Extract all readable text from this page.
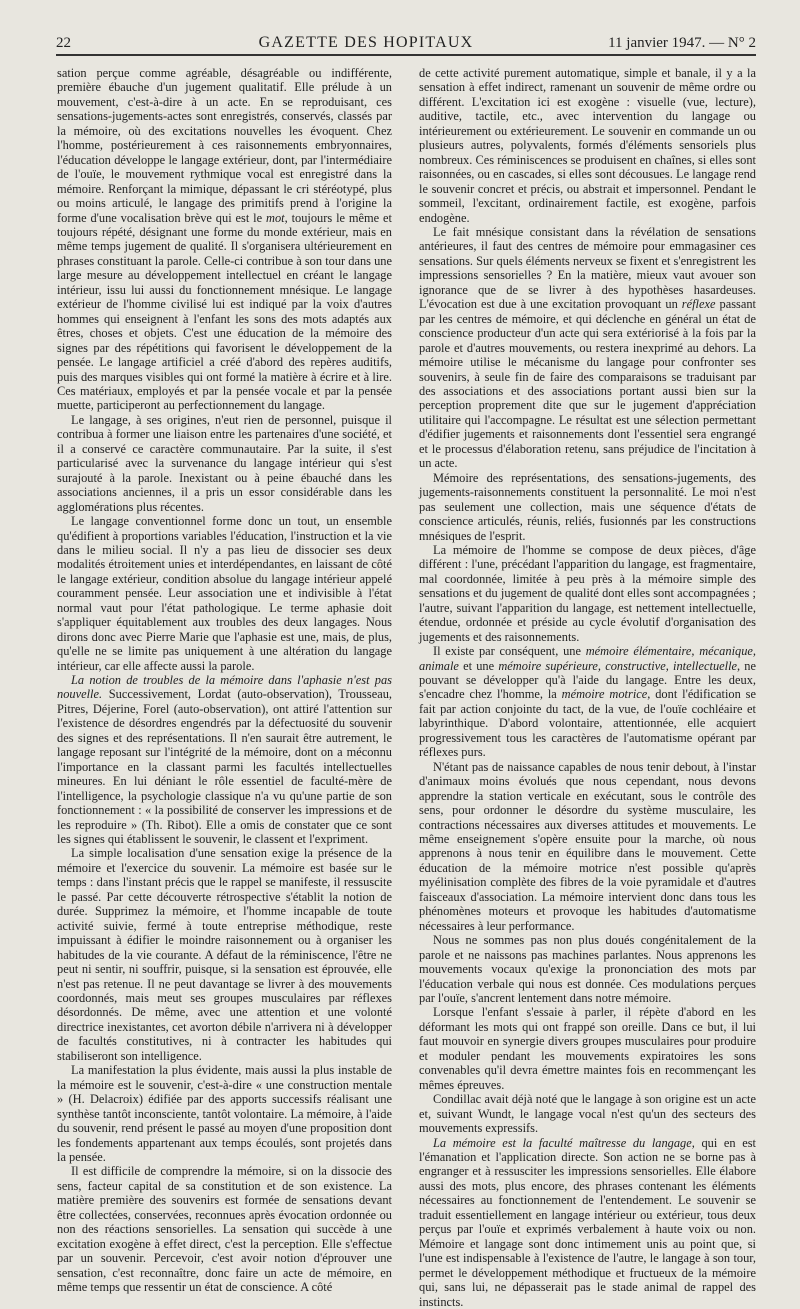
22	GAZETTE DES HOPITAUX	11 janvier 1947. — N° 2

sation perçue comme agréable, désagréable ou indifférente, première ébauche d'un jugement qualitatif. Elle prélude à un mouvement, c'est-à-dire à un acte. En se reproduisant, ces sensations-jugements-actes sont enregistrés, conservés, classés par la mémoire, où des excitations nouvelles les évoquent. Chez l'homme, postérieurement à ces raisonnements embryonnaires, l'éducation développe le langage extérieur, dont, par l'intermédiaire de l'ouïe, le mouvement rythmique vocal est enregistré dans la mémoire. Renforçant la mimique, dépassant le cri stéréotypé, plus ou moins articulé, le langage des primitifs prend à l'origine la forme d'une vocalisation brève qui est le mot, toujours le même et toujours répété, désignant une forme du monde extérieur, mais en même temps jugement de qualité. Il s'organisera ultérieurement en phrases constituant la parole. Celle-ci contribue à son tour dans une large mesure au développement intellectuel en créant le langage intérieur, issu lui aussi du fonctionnement mnésique. Le langage extérieur de l'homme civilisé lui est indiqué par la voix d'autres hommes qui enseignent à l'enfant les sons des mots adaptés aux êtres, choses et objets. C'est une éducation de la mémoire des signes par des répétitions qui favorisent le développement de la pensée. Le langage artificiel a créé d'abord des repères auditifs, puis des marques visibles qui ont formé la matière à écrire et à lire. Ces matériaux, employés et par la pensée vocale et par la pensée muette, participeront au perfectionnement du langage.

Le langage, à ses origines, n'eut rien de personnel, puisque il contribua à former une liaison entre les partenaires d'une société, et il a conservé ce caractère communautaire. Par la suite, il s'est particularisé avec la survenance du langage intérieur qui s'est surajouté à la parole. Inexistant ou à peine ébauché dans les associations anciennes, il a pris un essor considérable dans les agglomérations plus récentes.

Le langage conventionnel forme donc un tout, un ensemble qu'édifient à proportions variables l'éducation, l'instruction et la vie dans le milieu social. Il n'y a pas lieu de dissocier ses deux modalités étroitement unies et interdépendantes, en laissant de côté le langage extérieur, condition absolue du langage intérieur appelé couramment pensée. Leur association une et indivisible à l'état normal vaut pour l'état pathologique. Le terme aphasie doit s'appliquer équitablement aux troubles des deux langages. Nous dirons donc avec Pierre Marie que l'aphasie est une, mais, de plus, qu'elle ne se limite pas uniquement à une altération du langage intérieur, car elle affecte aussi la parole.

La notion de troubles de la mémoire dans l'aphasie n'est pas nouvelle. Successivement, Lordat (auto-observation), Trousseau, Pitres, Déjerine, Forel (auto-observation), ont attiré l'attention sur l'existence de désordres engendrés par la défectuosité du souvenir des signes et des représentations. Il n'en saurait être autrement, le langage reposant sur l'intégrité de la mémoire, dont on a méconnu l'importance en la classant parmi les facultés intellectuelles mineures. En lui déniant le rôle essentiel de faculté-mère de l'intelligence, la psychologie classique n'a vu qu'une partie de son fonctionnement : « la possibilité de conserver les impressions et de les reproduire » (Th. Ribot). Elle a omis de constater que ce sont les signes qui établissent le souvenir, le classent et l'expriment.

La simple localisation d'une sensation exige la présence de la mémoire et l'exercice du souvenir. La mémoire est basée sur le temps : dans l'instant précis que le rappel se manifeste, il ressuscite le passé. Par cette découverte rétrospective s'établit la notion de durée. Supprimez la mémoire, et l'homme incapable de toute activité suivie, fermé à toute entreprise méthodique, reste impuissant à édifier le moindre raisonnement ou à organiser les habitudes de la vie courante. A défaut de la réminiscence, l'être ne peut ni sentir, ni souffrir, puisque, si la sensation est éprouvée, elle n'est pas retenue. Il ne peut davantage se livrer à des mouvements coordonnés, mais meut ses groupes musculaires par réflexes désordonnés. De même, avec une attention et une volonté directrice inexistantes, cet avorton débile n'arrivera ni à développer de facultés constitutives, ni à contracter les habitudes qui stabiliseront son intelligence.

La manifestation la plus évidente, mais aussi la plus instable de la mémoire est le souvenir, c'est-à-dire « une construction mentale » (H. Delacroix) édifiée par des apports successifs réalisant une synthèse tantôt inconsciente, tantôt volontaire. La mémoire, à l'aide du souvenir, rend présent le passé au moyen d'une proposition dont les fondements appartenant aux temps écoulés, sont projetés dans la pensée.

Il est difficile de comprendre la mémoire, si on la dissocie des sens, facteur capital de sa constitution et de son existence. La matière première des souvenirs est formée de sensations devant être collectées, conservées, reconnues après évocation ordonnée ou non des réactions sensorielles. La sensation qui succède à une excitation exogène à effet direct, c'est la perception. Elle s'effectue par un souvenir. Percevoir, c'est avoir notion d'éprouver une sensation, c'est reconnaître, donc faire un acte de mémoire, en même temps que ressentir un état de conscience. A côté

de cette activité purement automatique, simple et banale, il y a la sensation à effet indirect, ramenant un souvenir de même ordre ou différent. L'excitation ici est exogène : visuelle (vue, lecture), auditive, tactile, etc., avec intervention du langage ou intérieurement ou extérieurement. Le souvenir en commande un ou plusieurs autres, polyvalents, formés d'éléments sensoriels plus nombreux. Ces réminiscences se produisent en chaînes, si elles sont raisonnées, ou en cascades, si elles sont décousues. Le langage rend le souvenir concret et précis, ou abstrait et impersonnel. Pendant le sommeil, l'excitant, ordinairement factile, est exogène, parfois endogène.

Le fait mnésique consistant dans la révélation de sensations antérieures, il faut des centres de mémoire pour emmagasiner ces sensations. Sur quels éléments nerveux se fixent et s'enregistrent les impressions sensorielles ? En la matière, mieux vaut avouer son ignorance que de se livrer à des hypothèses hasardeuses. L'évocation est due à une excitation provoquant un réflexe passant par les centres de mémoire, et qui déclenche en général un état de conscience producteur d'un acte qui sera extériorisé à la fois par la parole et d'autres mouvements, ou restera inexprimé au dehors. La mémoire utilise le mécanisme du langage pour confronter ses souvenirs, à seule fin de faire des comparaisons se traduisant par des associations et des associations portant aussi bien sur la perception proprement dite que sur le jugement d'appréciation utilitaire qui l'accompagne. Le résultat est une sélection permettant d'édifier jugements et raisonnements dont l'essentiel sera engrangé et le processus d'élaboration retenu, sans préjudice de l'incitation à un acte.

Mémoire des représentations, des sensations-jugements, des jugements-raisonnements constituent la personnalité. Le moi n'est pas seulement une collection, mais une séquence d'états de conscience articulés, réunis, reliés, fusionnés par les constructions mnésiques de l'esprit.

La mémoire de l'homme se compose de deux pièces, d'âge différent : l'une, précédant l'apparition du langage, est fragmentaire, mal coordonnée, limitée à peu près à la mémoire simple des sensations et du jugement de qualité dont elles sont accompagnées ; l'autre, suivant l'apparition du langage, est nettement intellectuelle, étendue, ordonnée et préside au cycle évolutif d'organisation des jugements et des raisonnements.

Il existe par conséquent, une mémoire élémentaire, mécanique, animale et une mémoire supérieure, constructive, intellectuelle, ne pouvant se développer qu'à l'aide du langage. Entre les deux, s'encadre chez l'homme, la mémoire motrice, dont l'édification se fait par action conjointe du tact, de la vue, de l'ouïe cochléaire et labyrinthique. D'abord volontaire, attentionnée, elle acquiert progressivement tous les caractères de l'automatisme opérant par réflexes purs.

N'étant pas de naissance capables de nous tenir debout, à l'instar d'animaux moins évolués que nous cependant, nous devons apprendre la station verticale en exécutant, sous le contrôle des sens, pour ordonner le désordre du système musculaire, les contractions nécessaires aux diverses attitudes et mouvements. Le même enseignement s'opère ensuite pour la marche, où nous apprenons à nous tenir en équilibre dans le mouvement. Cette éducation de la mémoire motrice n'est possible qu'après myélinisation complète des fibres de la voie pyramidale et d'autres faisceaux d'association. La mémoire intervient donc dans tous les phénomènes moteurs et provoque les habitudes d'automatisme nécessaires à leur performance.

Nous ne sommes pas non plus doués congénitalement de la parole et ne naissons pas machines parlantes. Nous apprenons les mouvements vocaux qu'exige la prononciation des mots par l'éducation verbale qui nous est donnée. Ces modulations perçues par l'ouïe, s'ancrent lentement dans notre mémoire.

Lorsque l'enfant s'essaie à parler, il répète d'abord en les déformant les mots qui ont frappé son oreille. Dans ce but, il lui faut mouvoir en synergie divers groupes musculaires pour produire et moduler pendant les mouvements expiratoires les sons convenables qu'il devra émettre maintes fois en recommençant les mêmes épreuves.

Condillac avait déjà noté que le langage à son origine est un acte et, suivant Wundt, le langage vocal n'est qu'un des secteurs des mouvements expressifs.

La mémoire est la faculté maîtresse du langage, qui en est l'émanation et l'application directe. Son action ne se borne pas à engranger et à ressusciter les impressions sensorielles. Elle élabore aussi des mots, plus encore, des phrases contenant les éléments nécessaires au fonctionnement de l'entendement. Le souvenir se traduit essentiellement en langage intérieur ou extérieur, tous deux perçus par l'ouïe et exprimés verbalement à haute voix ou non. Mémoire et langage sont donc intimement unis au point que, si l'une est indispensable à l'existence de l'autre, le langage à son tour, permet le développement méthodique et fructueux de la mémoire qui, sans lui, ne dépasserait pas le stade animal de rappel des instincts.
